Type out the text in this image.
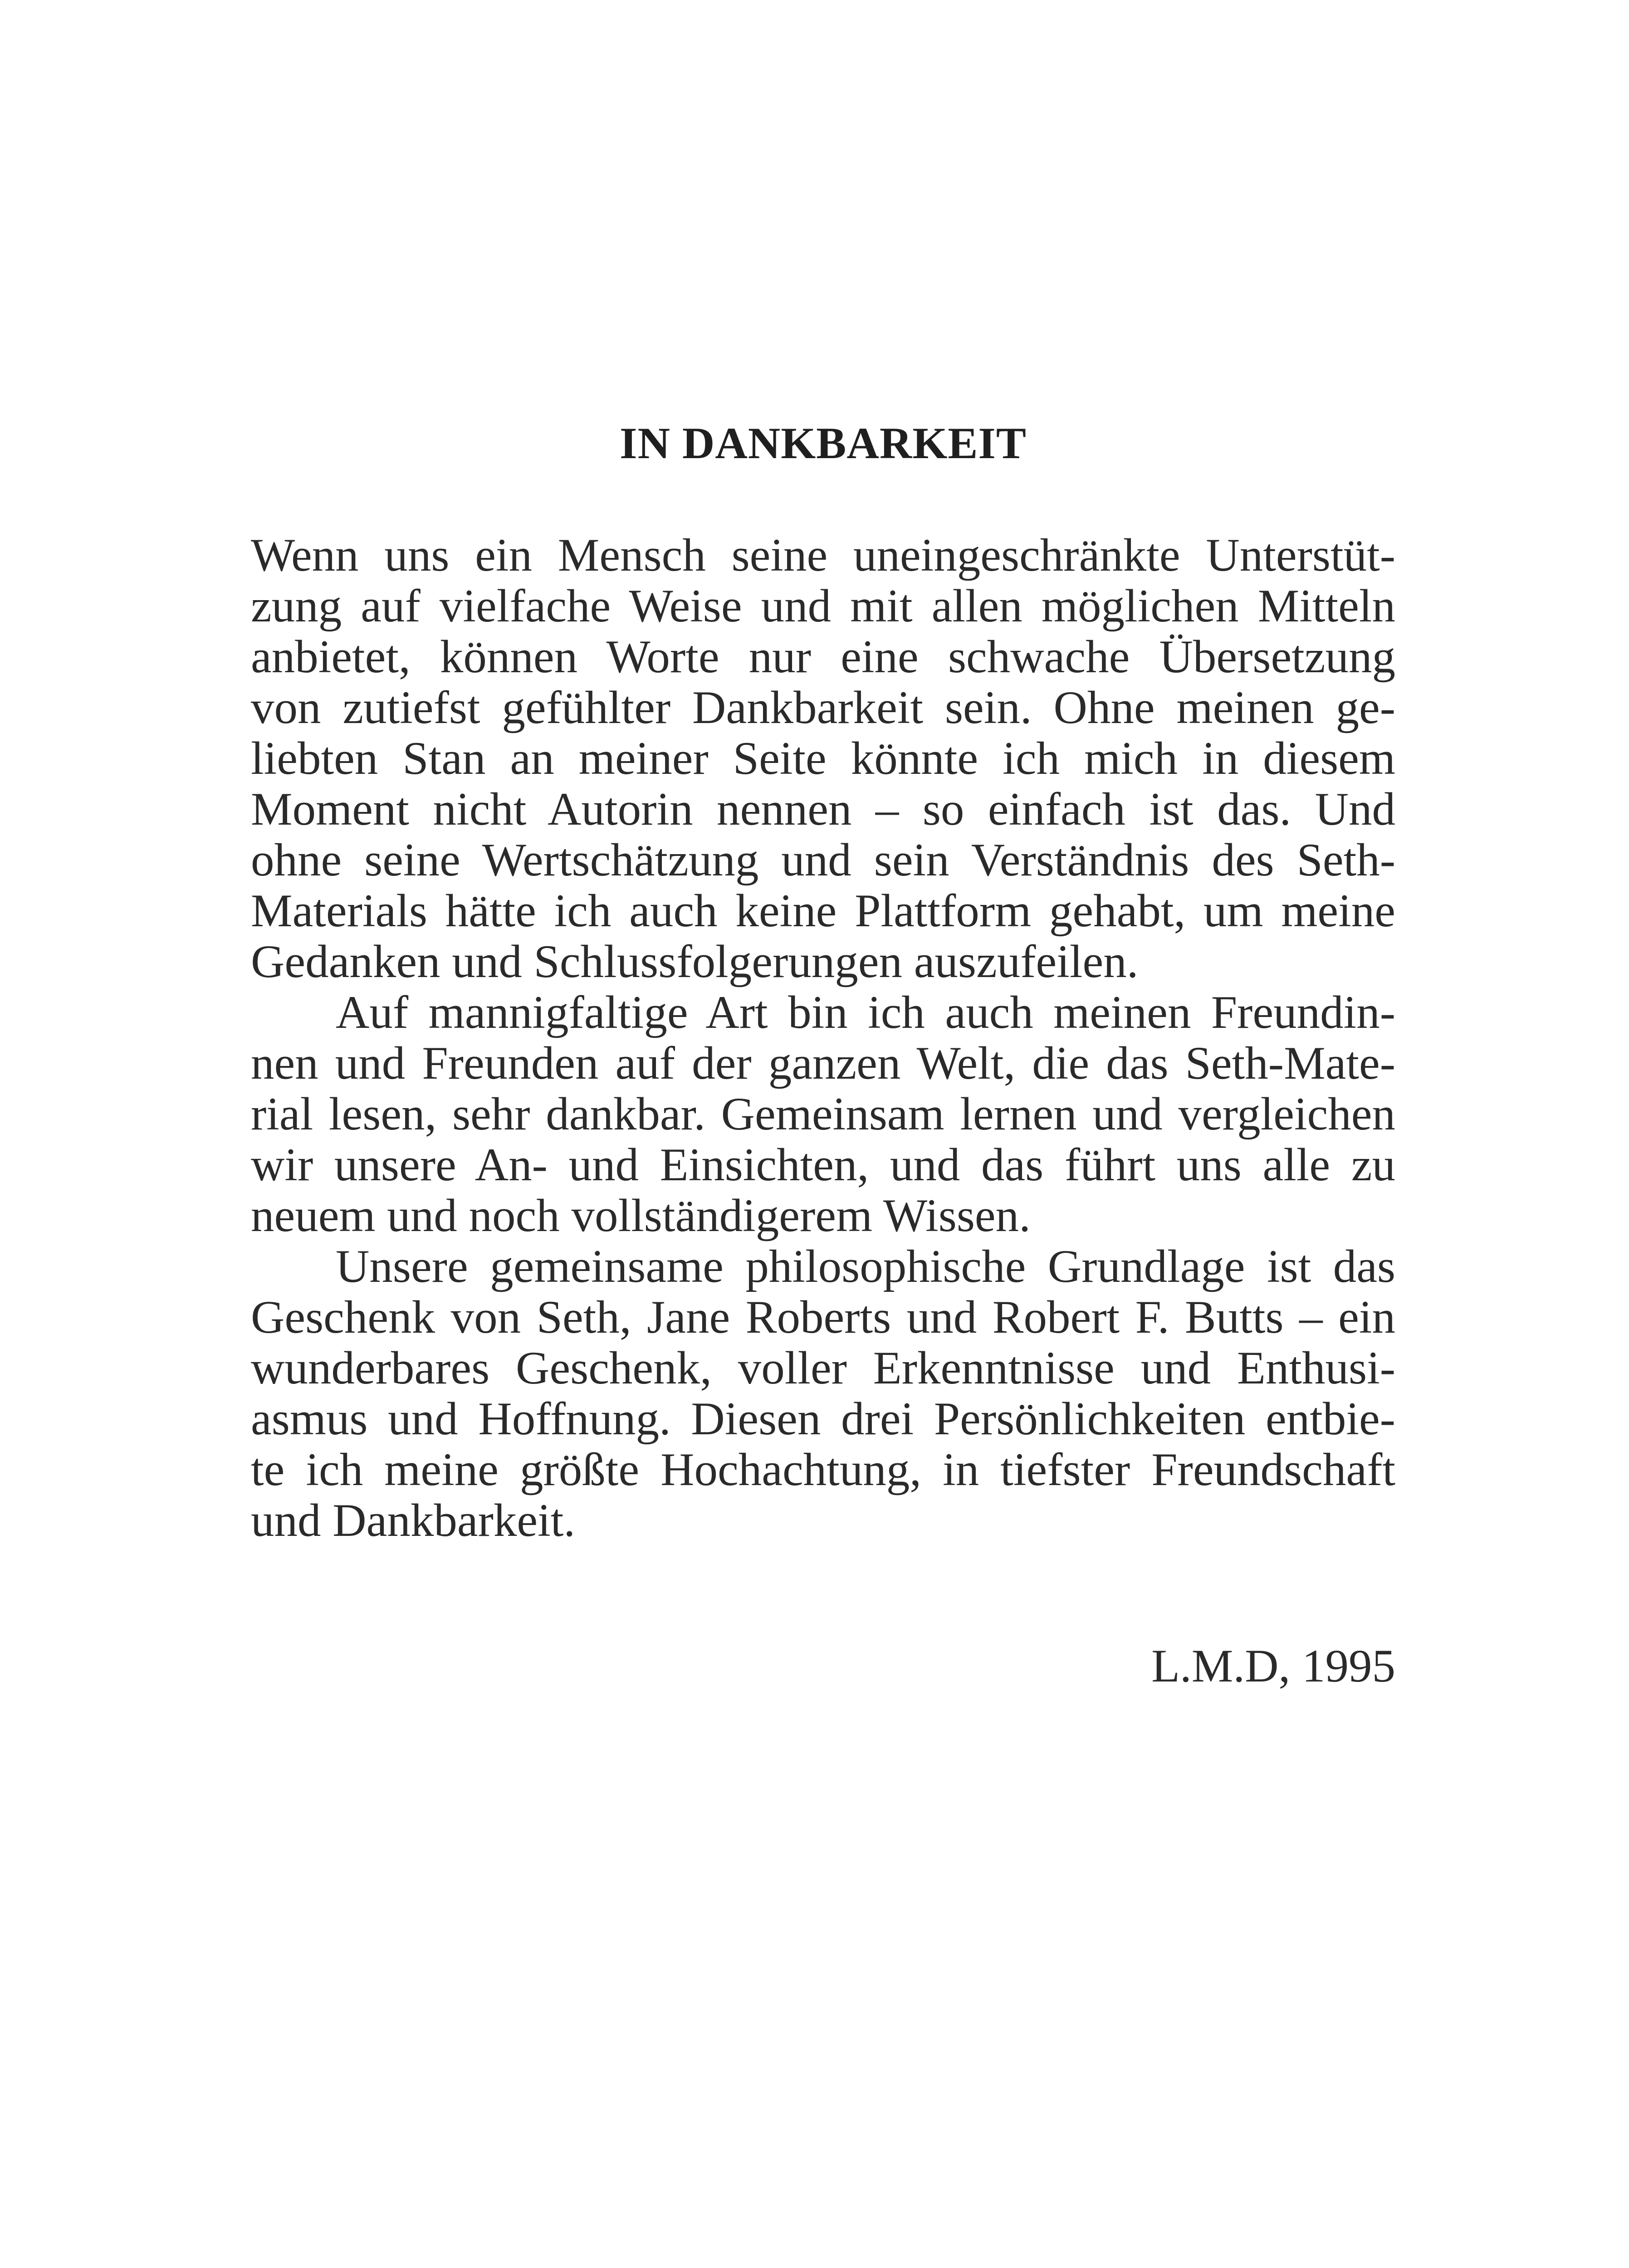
IN DANKBARKEIT
Wenn uns ein Mensch seine uneingeschränkte Unterstüt-
zung auf vielfache Weise und mit allen möglichen Mitteln
anbietet, können Worte nur eine schwache Übersetzung
von zutiefst gefühlter Dankbarkeit sein. Ohne meinen ge-
liebten Stan an meiner Seite könnte ich mich in diesem
Moment nicht Autorin nennen – so einfach ist das. Und
ohne seine Wertschätzung und sein Verständnis des Seth-
Materials hätte ich auch keine Plattform gehabt, um meine
Gedanken und Schlussfolgerungen auszufeilen.
Auf mannigfaltige Art bin ich auch meinen Freundin-
nen und Freunden auf der ganzen Welt, die das Seth-Mate-
rial lesen, sehr dankbar. Gemeinsam lernen und vergleichen
wir unsere An- und Einsichten, und das führt uns alle zu
neuem und noch vollständigerem Wissen.
Unsere gemeinsame philosophische Grundlage ist das
Geschenk von Seth, Jane Roberts und Robert F. Butts – ein
wunderbares Geschenk, voller Erkenntnisse und Enthusi-
asmus und Hoffnung. Diesen drei Persönlichkeiten entbie-
te ich meine größte Hochachtung, in tiefster Freundschaft
und Dankbarkeit.

L.M.D, 1995
